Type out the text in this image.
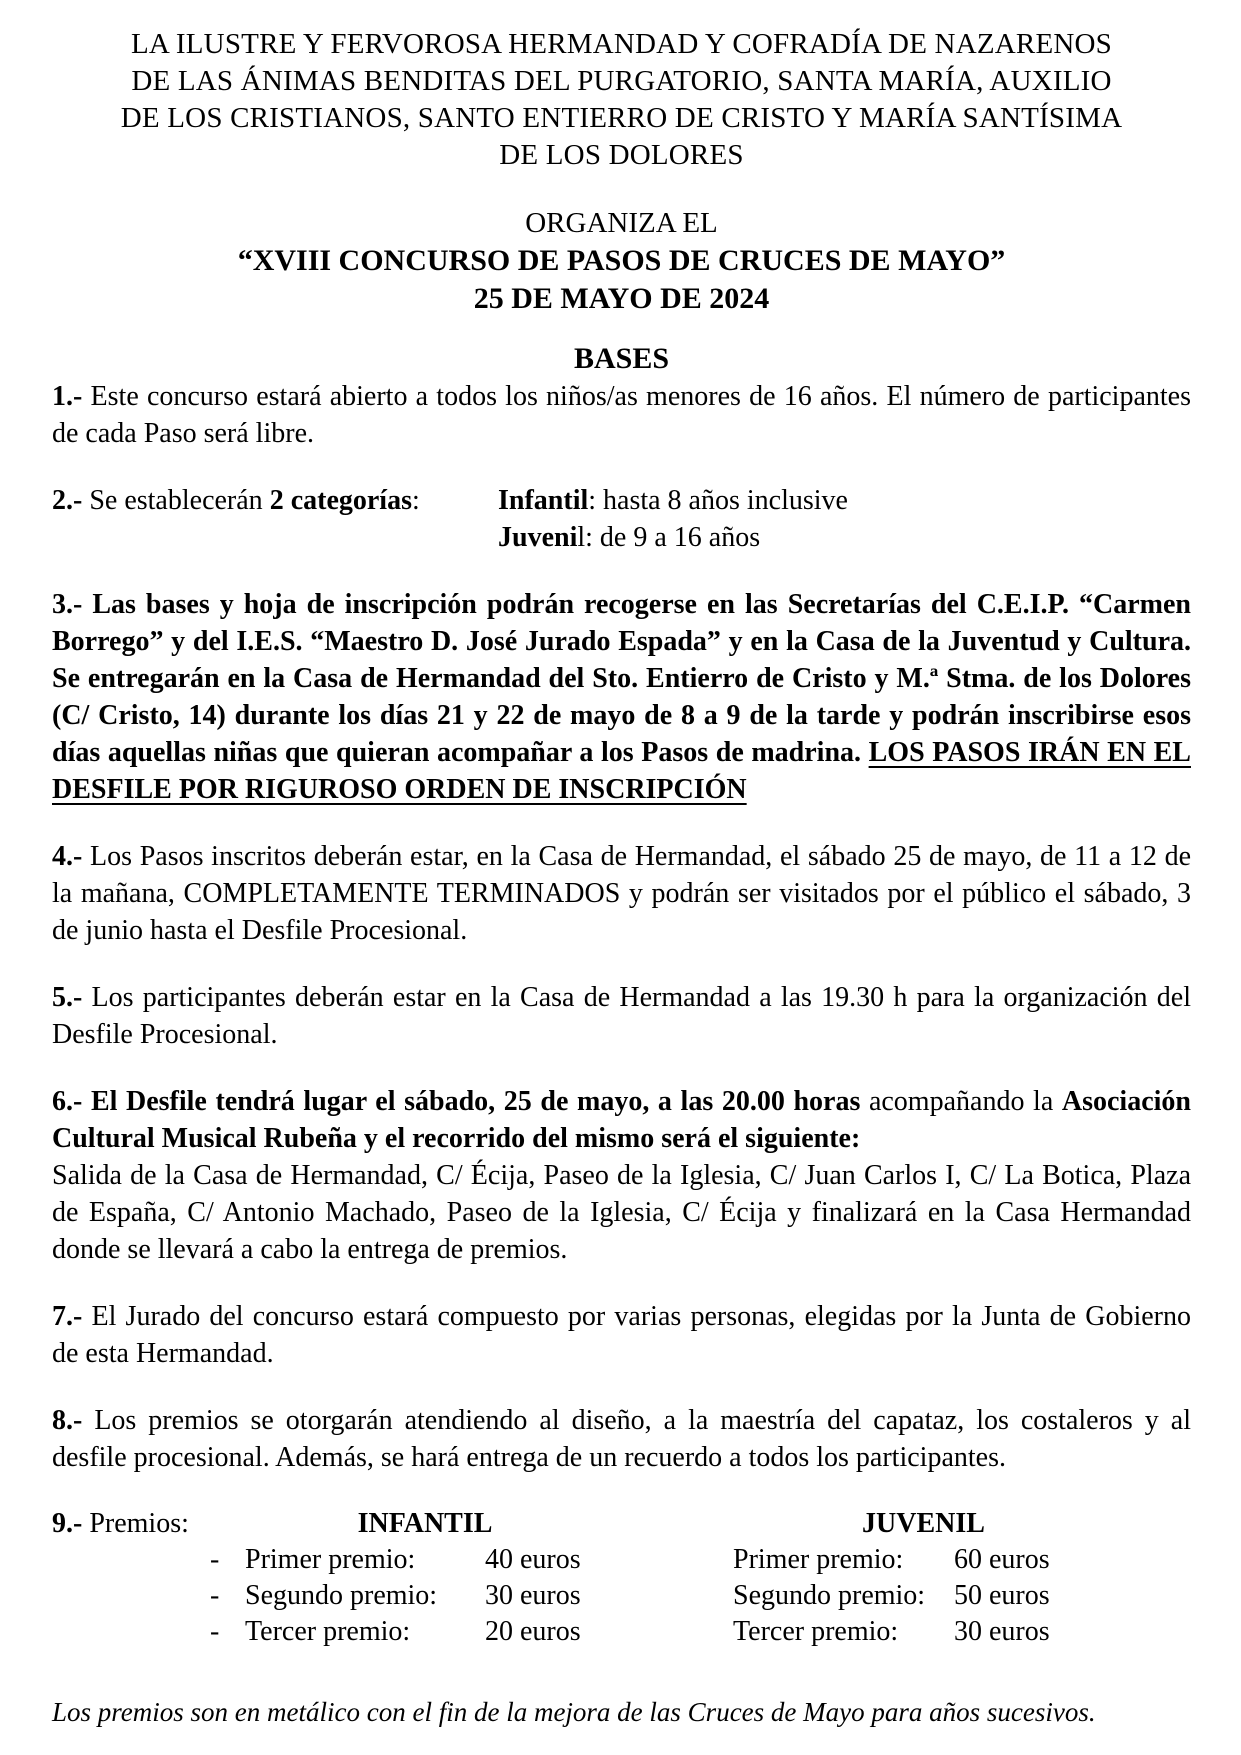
LA ILUSTRE Y FERVOROSA HERMANDAD Y COFRADÍA DE NAZARENOS
DE LAS ÁNIMAS BENDITAS DEL PURGATORIO, SANTA MARÍA, AUXILIO
DE LOS CRISTIANOS, SANTO ENTIERRO DE CRISTO Y MARÍA SANTÍSIMA
DE LOS DOLORES
ORGANIZA EL
“XVIII CONCURSO DE PASOS DE CRUCES DE MAYO”
25 DE MAYO DE 2024
BASES

1.- Este concurso estará abierto a todos los niños/as menores de 16 años. El número de participantes de cada Paso será libre.

2.- Se establecerán 2 categorías:	Infantil: hasta 8 años inclusive
Juvenil: de 9 a 16 años

3.- Las bases y hoja de inscripción podrán recogerse en las Secretarías del C.E.I.P. “Carmen Borrego” y del I.E.S. “Maestro D. José Jurado Espada” y en la Casa de la Juventud y Cultura. Se entregarán en la Casa de Hermandad del Sto. Entierro de Cristo y M.ª Stma. de los Dolores (C/ Cristo, 14) durante los días 21 y 22 de mayo de 8 a 9 de la tarde y podrán inscribirse esos días aquellas niñas que quieran acompañar a los Pasos de madrina. LOS PASOS IRÁN EN EL DESFILE POR RIGUROSO ORDEN DE INSCRIPCIÓN

4.- Los Pasos inscritos deberán estar, en la Casa de Hermandad, el sábado 25 de mayo, de 11 a 12 de la mañana, COMPLETAMENTE TERMINADOS y podrán ser visitados por el público el sábado, 3 de junio hasta el Desfile Procesional.

5.- Los participantes deberán estar en la Casa de Hermandad a las 19.30 h para la organización del Desfile Procesional.

6.- El Desfile tendrá lugar el sábado, 25 de mayo, a las 20.00 horas acompañando la Asociación Cultural Musical Rubeña y el recorrido del mismo será el siguiente:

Salida de la Casa de Hermandad, C/ Écija, Paseo de la Iglesia, C/ Juan Carlos I, C/ La Botica, Plaza de España, C/ Antonio Machado, Paseo de la Iglesia, C/ Écija y finalizará en la Casa Hermandad donde se llevará a cabo la entrega de premios.

7.- El Jurado del concurso estará compuesto por varias personas, elegidas por la Junta de Gobierno de esta Hermandad.

8.- Los premios se otorgarán atendiendo al diseño, a la maestría del capataz, los costaleros y al desfile procesional. Además, se hará entrega de un recuerdo a todos los participantes.

9.- Premios:	INFANTIL	JUVENIL
- Primer premio:	40 euros	Primer premio:	60 euros
- Segundo premio:	30 euros	Segundo premio:	50 euros
- Tercer premio:	20 euros	Tercer premio:	30 euros
Los premios son en metálico con el fin de la mejora de las Cruces de Mayo para años sucesivos.
